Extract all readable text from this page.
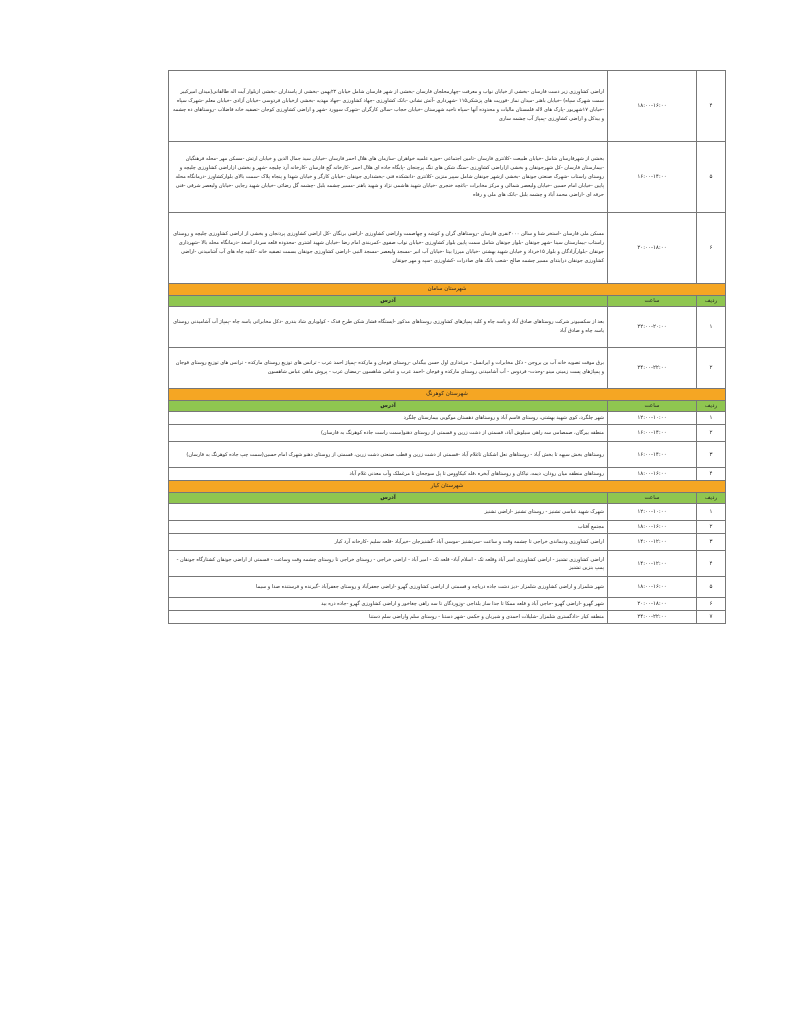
۴	۱۸:۰۰-۱۶:۰۰	اراضی کشاورزی زیر دست فارسان -بخشی از خیابان نواب و معرفت -چهارمحلجان فارسان -بخشی از شهر فارسان شامل خیابان ۲۲بهمن -بخشی از پاسداران -بخشی ازبلوار آیت اله طالقانی(میدان امیرکبیر سمت شهرک سپاه) -خیابان باهنر -میدان نماز -فوریت های پزشکی۱۱۵ -شهرداری -آتش نشانی -بانک کشاورزی -جهاد کشاورزی -جهاد مهدیه -بخشی ازخیابان فردوسی -خیابان آزادی -خیابان معلم -شهرک سپاه -خیابان ۱۷شهریور -پارک های لاله قلمستان مالیات و محدوده آنها -سپاه ناحیه شهرستان -خیابان حجاب -سالن کارگران -شهرک سوورد -شهر و اراضی کشاورزی کوجان -تصفیه خانه فاضلاب -روستاهای ده چشمه و بیدکل و اراضی کشاورزی -پمپاژ آب چشمه ساری
۵	۱۶:۰۰-۱۴:۰۰	بخشی از شهرفارسان شامل -خیابان طبیعت -کلانتری فارسان -تامین اجتماعی -حوزه علمیه خواهران -سازمان های هلال احمر فارسان -خیابان سید جمال الدین و خیابان ارتش -مسکن مهر -محله فرهنگیان -بیمارستان فارسان -کل شهرجونقان و بخشی ازاراضی کشاورزی -ستگ شکن های تنگ پرچنجان -پایگاه جاده ای هلال احمر -کارخانه گچ فارسان -کارخانه آرد چلیچه -شهر و بخشی ازاراضی کشاورزی چلیچه و روستای راستاب -شهرک صنعتی جونقان -بخشی ازشهر جونقان شامل سپیر منزین -کلانتری -دانشکده فنی -بخشداری جونقان -خیابان کارگر و خیابان شهدا و پنجاه پلاک -سمت بالای بلوارکشاورز -درمانگاه محله پایین -خیابان امام حسین -خیابان ولیعصر شمالی و مرکز مخابرات -باغچه خنجری -خیابان شهید هاشمی نژاد و شهید باهنر -مسیر چشمه بلبل -چشمه گل رضائی -خیابان شهید رجایی -خیابان ولیعصر شرقی -فنی حرفه ای -اراضی محمد آباد و چشمه بلبل -بانک های ملی و رفاه
۶	۲۰:۰۰-۱۸:۰۰	مسکن ملی فارسان -استخر شنا و سالن ۲۰۰۰نفری فارسان -روستاهای گران و کوشه و چهاصمت واراضی کشاورزی -اراضی برنگان -کل اراضی کشاورزی پردنجان و بخشی از اراضی کشاورزی چلیچه و روستای راستاب -بیمارستان سینا -شهر جونقان -بلوار جونقان شامل سمت پایین بلوار کشاورزی -خیابان نواب صفوی -کمربندی امام رضا -خیابان شهید اشتری -محدوده قلعه سردار اسعد -درمانگاه محله بالا -شهرداری جونقان -بلوارآزادگان و بلوار ۱۵خرداد و خیابان شهید بهشتی -خیابان میرزا بیتا -خیابان آب انبر -مسجد ولیعصر -مسجد النبی -اراضی کشاورزی جونقان بسمت تصفیه خانه -کلنیه چاه های آب آشامیدنی -اراضی کشاورزی جونقان درابتدای مسیر چشمه صالح -شعب بانک های صادرات -کشاورزی -سپه و مهر جونقان
شهرستان سامان		
ردیف	ساعت	آدرس
۱	۲۲:۰۰-۲۰:۰۰	بعد از سکسیونر شرکت روستاهای صادق آباد و یاسه چاه و کلیه پمپاژهای کشاورزی روستاهای مذکور -ایستگاه فشار شکن طرح فدک - کولوباری شاد بندری -دکل مخابراتی یاسه چاه -پمپاژ آب آشامیدنی روستای یاسه چاه و صادق آباد
۲	۲۴:۰۰-۲۲:۰۰	برق موقت تصویه خانه آب بن بروجن - دکل مخابرات و ایرانسل - مرغداری اول حسن بیگدلی -روستای فوجان و مارکده -پمپاژ احمد عرب - ترانس های توزیع روستای مارکده - ترانس های توزیع روستای فوجان و پمپاژهای پست زمینی مینو -وحدت- فردوس - آب آشامیدنی روستای مارکده و فوجان -احمد عرب و عباس شاهسون -رمضان عرب - پروش ماهی عباس شاهسون
شهرستان کوهرنگ		
ردیف	ساعت	آدرس
۱	۱۲:۰۰-۱۰:۰۰	شهر چلگرد، کوی شهید بهشتی، روستای قاسم آباد و روستاهای دهستان موگویی بیمارستان چلگرد
۲	۱۶:۰۰-۱۴:۰۰	منطقه بیرگان، صمصامی سه راهی سیلوش آباد، قسمتی از دشت زرین و قسمتی از روستای دهنو(سمت راست جاده کوهرنگ به فارسان)
۳	۱۶:۰۰-۱۴:۰۰	روستاهای بخش سپهه تا بخش آباد - روستاهای نعل اشکنان تاغلام آباد -قسمتی از دشت زرین و قطب صنعتی دشت زرین، قسمتی از روستای دهنو شهرک امام حسین(سمت چپ جاده کوهرنگ به فارسان)
۴	۱۸:۰۰-۱۶:۰۰	روستاهای منطقه میان رودان، دیمه، نیاکان و روستاهای آبخره ،قله کیکاووس تا پل سوجحان تا مرغملک وآب معدنی غلام آباد
شهرستان کیار		
ردیف	ساعت	آدرس
۱	۱۲:۰۰-۱۰:۰۰	شهرک شهید عباسی تشنیز - روستای تشنیز -اراضی تشنیز
۲	۱۸:۰۰-۱۶:۰۰	مجتمع آفتاب
۳	۱۴:۰۰-۱۲:۰۰	اراضی کشاورزی ودیماندی خراجی تا چشمه وقت و ساعت -سرتشنیز -موسی آباد -گشنیزجان -خیرآباد -قلعه سلیم -کارخانه آرد کیار
۴	۱۴:۰۰-۱۲:۰۰	اراضی کشاورزی تشنیز - اراضی کشاورزی امیر آباد وقلعه تک - اسلام آباد- قلعه تک - امیر آباد - اراضی خراجی - روستای خراجی تا روستای چشمه وقت وساعت - قسمتی از اراضی جونقان کشتارگاه جونقان - پمپ بنزین تشنیز
۵	۱۸:۰۰-۱۶:۰۰	شهر شلمزار و اراضی کشاورزی شلمزار -دیز دشت جاده دریاچه و قسمتی از اراضی کشاورزی گهرو -اراضی جعفرآباد و روستای جعفرآباد -گیرنده و فرستنده صدا و سیما
۶	۲۰:۰۰-۱۸:۰۰	شهر گهرو -اراضی گهرو -حاجی آباد و قلعه ممکا تا جدا ساز بلداجی -وزوردگان تا سه راهی چغاخور و اراضی کشاورزی گهرو -جاده دره بید
۷	۲۴:۰۰-۲۲:۰۰	منطقه کیار -دادگستری شلمزار -شلیلات احمدی و شیربان و حکمی -شهر دستنا - روستای سلم واراضی سلم دستنا
